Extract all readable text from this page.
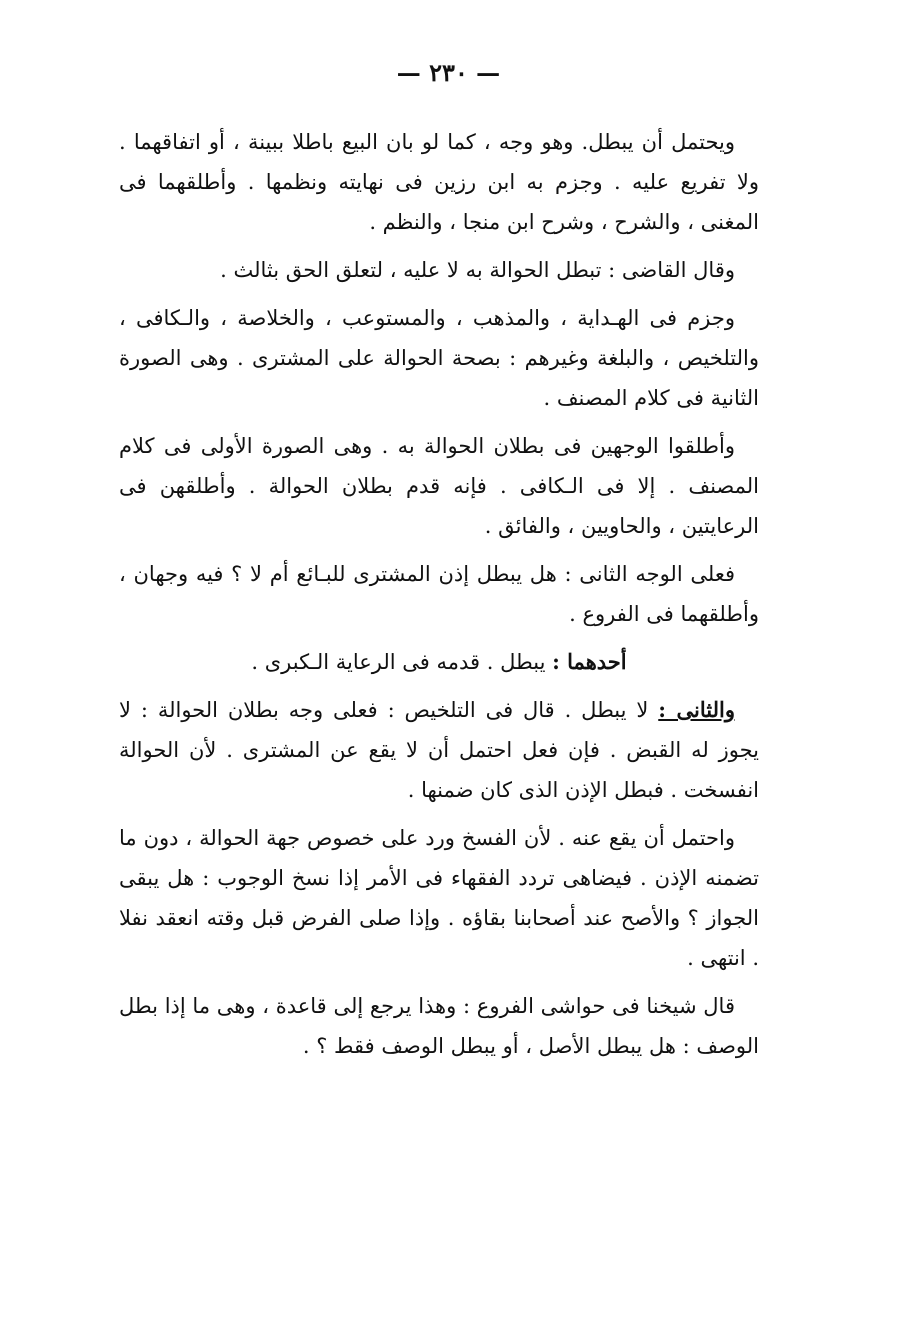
— ٢٣٠ —

ويحتمل أن يبطل. وهو وجه ، كما لو بان البيع باطلا ببينة ، أو اتفاقهما . ولا تفريع عليه . وجزم به ابن رزين فى نهايته ونظمها . وأطلقهما فى المغنى ، والشرح ، وشرح ابن منجا ، والنظم .

وقال القاضى : تبطل الحوالة به لا عليه ، لتعلق الحق بثالث .

وجزم فى الهـداية ، والمذهب ، والمستوعب ، والخلاصة ، والـكافى ، والتلخيص ، والبلغة وغيرهم : بصحة الحوالة على المشترى . وهى الصورة الثانية فى كلام المصنف .

وأطلقوا الوجهين فى بطلان الحوالة به . وهى الصورة الأولى فى كلام المصنف . إلا فى الـكافى . فإنه قدم بطلان الحوالة . وأطلقهن فى الرعايتين ، والحاويين ، والفائق .

فعلى الوجه الثانى : هل يبطل إذن المشترى للبـائع أم لا ؟ فيه وجهان ، وأطلقهما فى الفروع .

أحدهما : يبطل . قدمه فى الرعاية الـكبرى .

والثانى : لا يبطل . قال فى التلخيص : فعلى وجه بطلان الحوالة : لا يجوز له القبض . فإن فعل احتمل أن لا يقع عن المشترى . لأن الحوالة انفسخت . فبطل الإذن الذى كان ضمنها .

واحتمل أن يقع عنه . لأن الفسخ ورد على خصوص جهة الحوالة ، دون ما تضمنه الإذن . فيضاهى تردد الفقهاء فى الأمر إذا نسخ الوجوب : هل يبقى الجواز ؟ والأصح عند أصحابنا بقاؤه . وإذا صلى الفرض قبل وقته انعقد نفلا . انتهى .

قال شيخنا فى حواشى الفروع : وهذا يرجع إلى قاعدة ، وهى ما إذا بطل الوصف : هل يبطل الأصل ، أو يبطل الوصف فقط ؟ .
